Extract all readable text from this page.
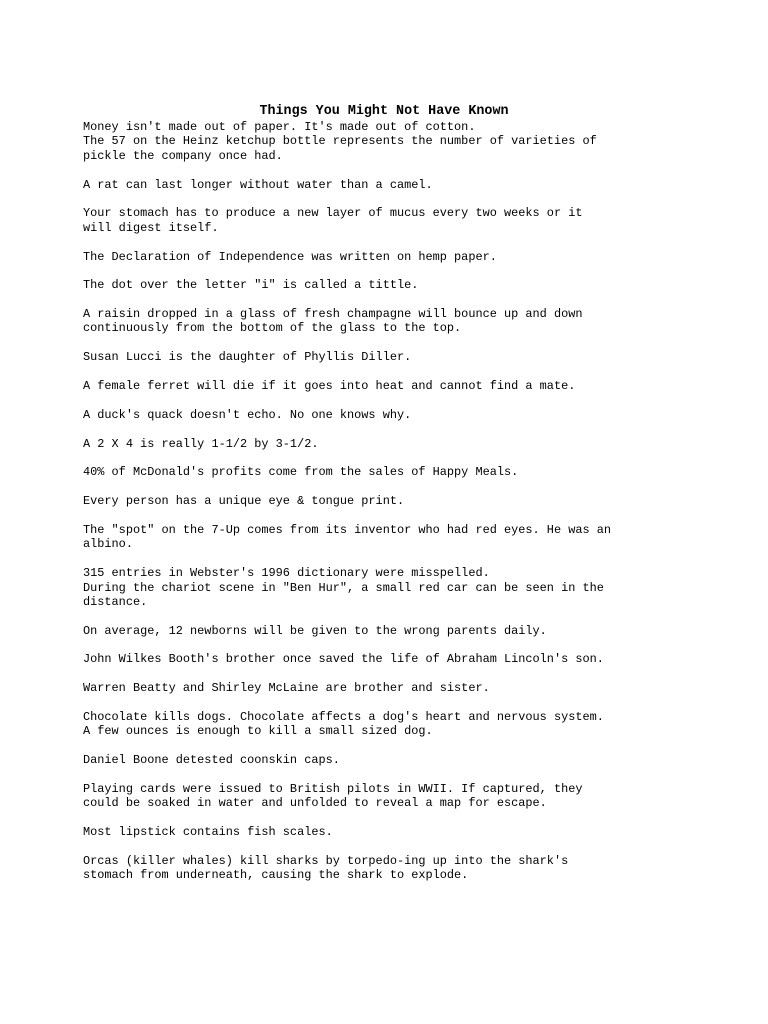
Things You Might Not Have Known

Money isn't made out of paper. It's made out of cotton.

The 57 on the Heinz ketchup bottle represents the number of varieties of
pickle the company once had.

A rat can last longer without water than a camel.

Your stomach has to produce a new layer of mucus every two weeks or it
will digest itself.

The Declaration of Independence was written on hemp paper.

The dot over the letter "i" is called a tittle.

A raisin dropped in a glass of fresh champagne will bounce up and down
continuously from the bottom of the glass to the top.

Susan Lucci is the daughter of Phyllis Diller.

A female ferret will die if it goes into heat and cannot find a mate.

A duck's quack doesn't echo. No one knows why.

A 2 X 4 is really 1-1/2 by 3-1/2.

40% of McDonald's profits come from the sales of Happy Meals.

Every person has a unique eye & tongue print.

The "spot" on the 7-Up comes from its inventor who had red eyes. He was an
albino.

315 entries in Webster's 1996 dictionary were misspelled.

During the chariot scene in "Ben Hur", a small red car can be seen in the
distance.

On average, 12 newborns will be given to the wrong parents daily.

John Wilkes Booth's brother once saved the life of Abraham Lincoln's son.

Warren Beatty and Shirley McLaine are brother and sister.

Chocolate kills dogs. Chocolate affects a dog's heart and nervous system.
A few ounces is enough to kill a small sized dog.

Daniel Boone detested coonskin caps.

Playing cards were issued to British pilots in WWII. If captured, they
could be soaked in water and unfolded to reveal a map for escape.

Most lipstick contains fish scales.

Orcas (killer whales) kill sharks by torpedo-ing up into the shark's
stomach from underneath, causing the shark to explode.
